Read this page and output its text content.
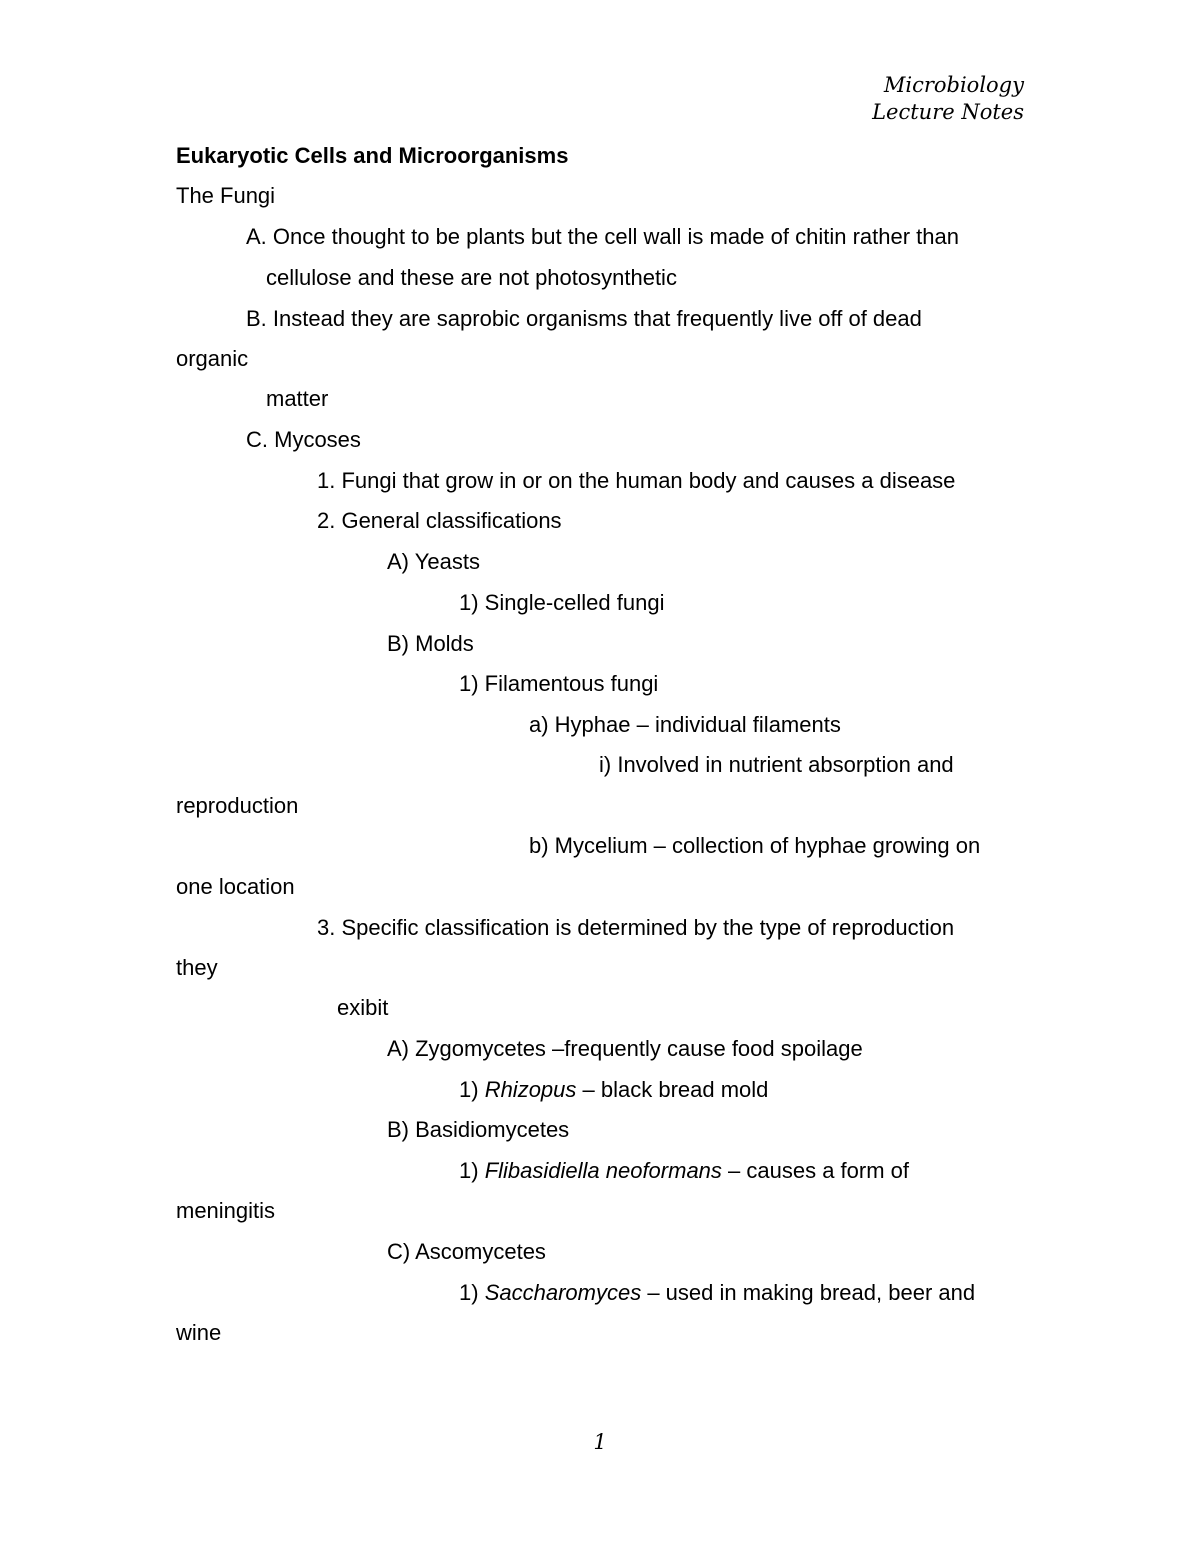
Microbiology
Lecture Notes
Eukaryotic Cells and Microorganisms
The Fungi
A. Once thought to be plants but the cell wall is made of chitin rather than
cellulose and these are not photosynthetic
B. Instead they are saprobic organisms that frequently live off of dead
organic
matter
C. Mycoses
1. Fungi that grow in or on the human body and causes a disease
2. General classifications
A) Yeasts
1) Single-celled fungi
B) Molds
1) Filamentous fungi
a) Hyphae – individual filaments
i) Involved in nutrient absorption and
reproduction
b) Mycelium – collection of hyphae growing on
one location
3. Specific classification is determined by the type of reproduction
they
exibit
A) Zygomycetes –frequently cause food spoilage
1) Rhizopus – black bread mold
B) Basidiomycetes
1) Flibasidiella neoformans – causes a form of
meningitis
C) Ascomycetes
1) Saccharomyces – used in making bread, beer and
wine
1
